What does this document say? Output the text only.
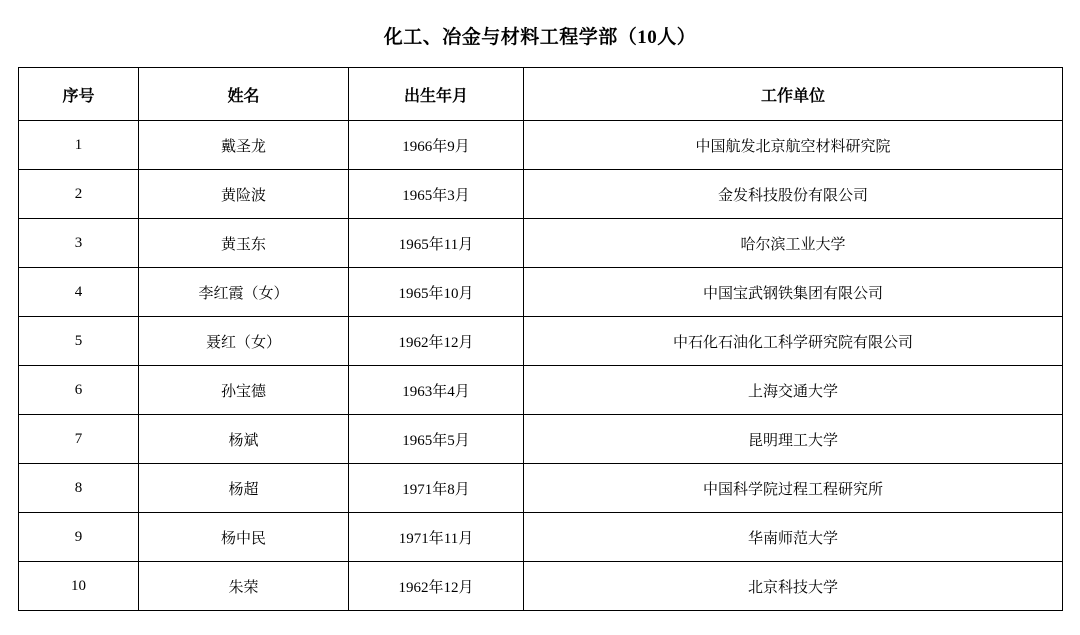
化工、冶金与材料工程学部（10人）
序号	姓名	出生年月	工作单位
1	戴圣龙	1966年9月	中国航发北京航空材料研究院
2	黄险波	1965年3月	金发科技股份有限公司
3	黄玉东	1965年11月	哈尔滨工业大学
4	李红霞（女）	1965年10月	中国宝武钢铁集团有限公司
5	聂红（女）	1962年12月	中石化石油化工科学研究院有限公司
6	孙宝德	1963年4月	上海交通大学
7	杨斌	1965年5月	昆明理工大学
8	杨超	1971年8月	中国科学院过程工程研究所
9	杨中民	1971年11月	华南师范大学
10	朱荣	1962年12月	北京科技大学
